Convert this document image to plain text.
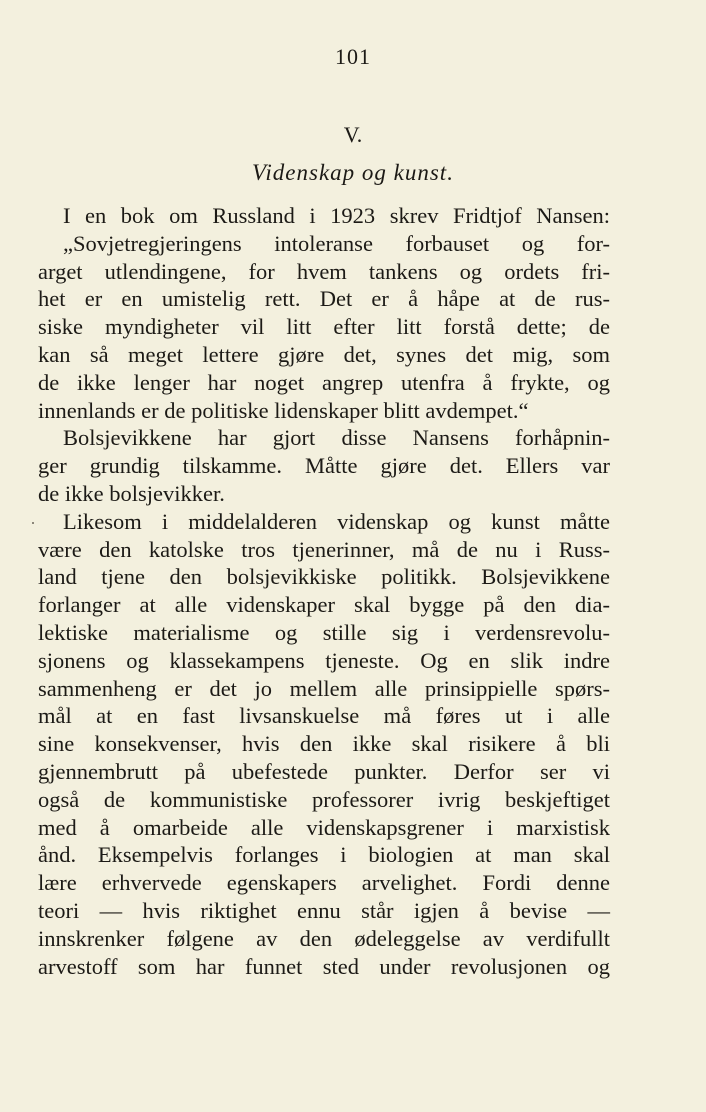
101
V.
Videnskap og kunst.
I en bok om Russland i 1923 skrev Fridtjof Nansen:
„Sovjetregjeringens intoleranse forbauset og for-
arget utlendingene, for hvem tankens og ordets fri-
het er en umistelig rett. Det er å håpe at de rus-
siske myndigheter vil litt efter litt forstå dette; de
kan så meget lettere gjøre det, synes det mig, som
de ikke lenger har noget angrep utenfra å frykte, og
innenlands er de politiske lidenskaper blitt avdempet.“
Bolsjevikkene har gjort disse Nansens forhåpnin-
ger grundig tilskamme. Måtte gjøre det. Ellers var
de ikke bolsjevikker.
Likesom i middelalderen videnskap og kunst måtte
være den katolske tros tjenerinner, må de nu i Russ-
land tjene den bolsjevikkiske politikk. Bolsjevikkene
forlanger at alle videnskaper skal bygge på den dia-
lektiske materialisme og stille sig i verdensrevolu-
sjonens og klassekampens tjeneste. Og en slik indre
sammenheng er det jo mellem alle prinsippielle spørs-
mål at en fast livsanskuelse må føres ut i alle
sine konsekvenser, hvis den ikke skal risikere å bli
gjennembrutt på ubefestede punkter. Derfor ser vi
også de kommunistiske professorer ivrig beskjeftiget
med å omarbeide alle videnskapsgrener i marxistisk
ånd. Eksempelvis forlanges i biologien at man skal
lære erhvervede egenskapers arvelighet. Fordi denne
teori — hvis riktighet ennu står igjen å bevise —
innskrenker følgene av den ødeleggelse av verdifullt
arvestoff som har funnet sted under revolusjonen og
